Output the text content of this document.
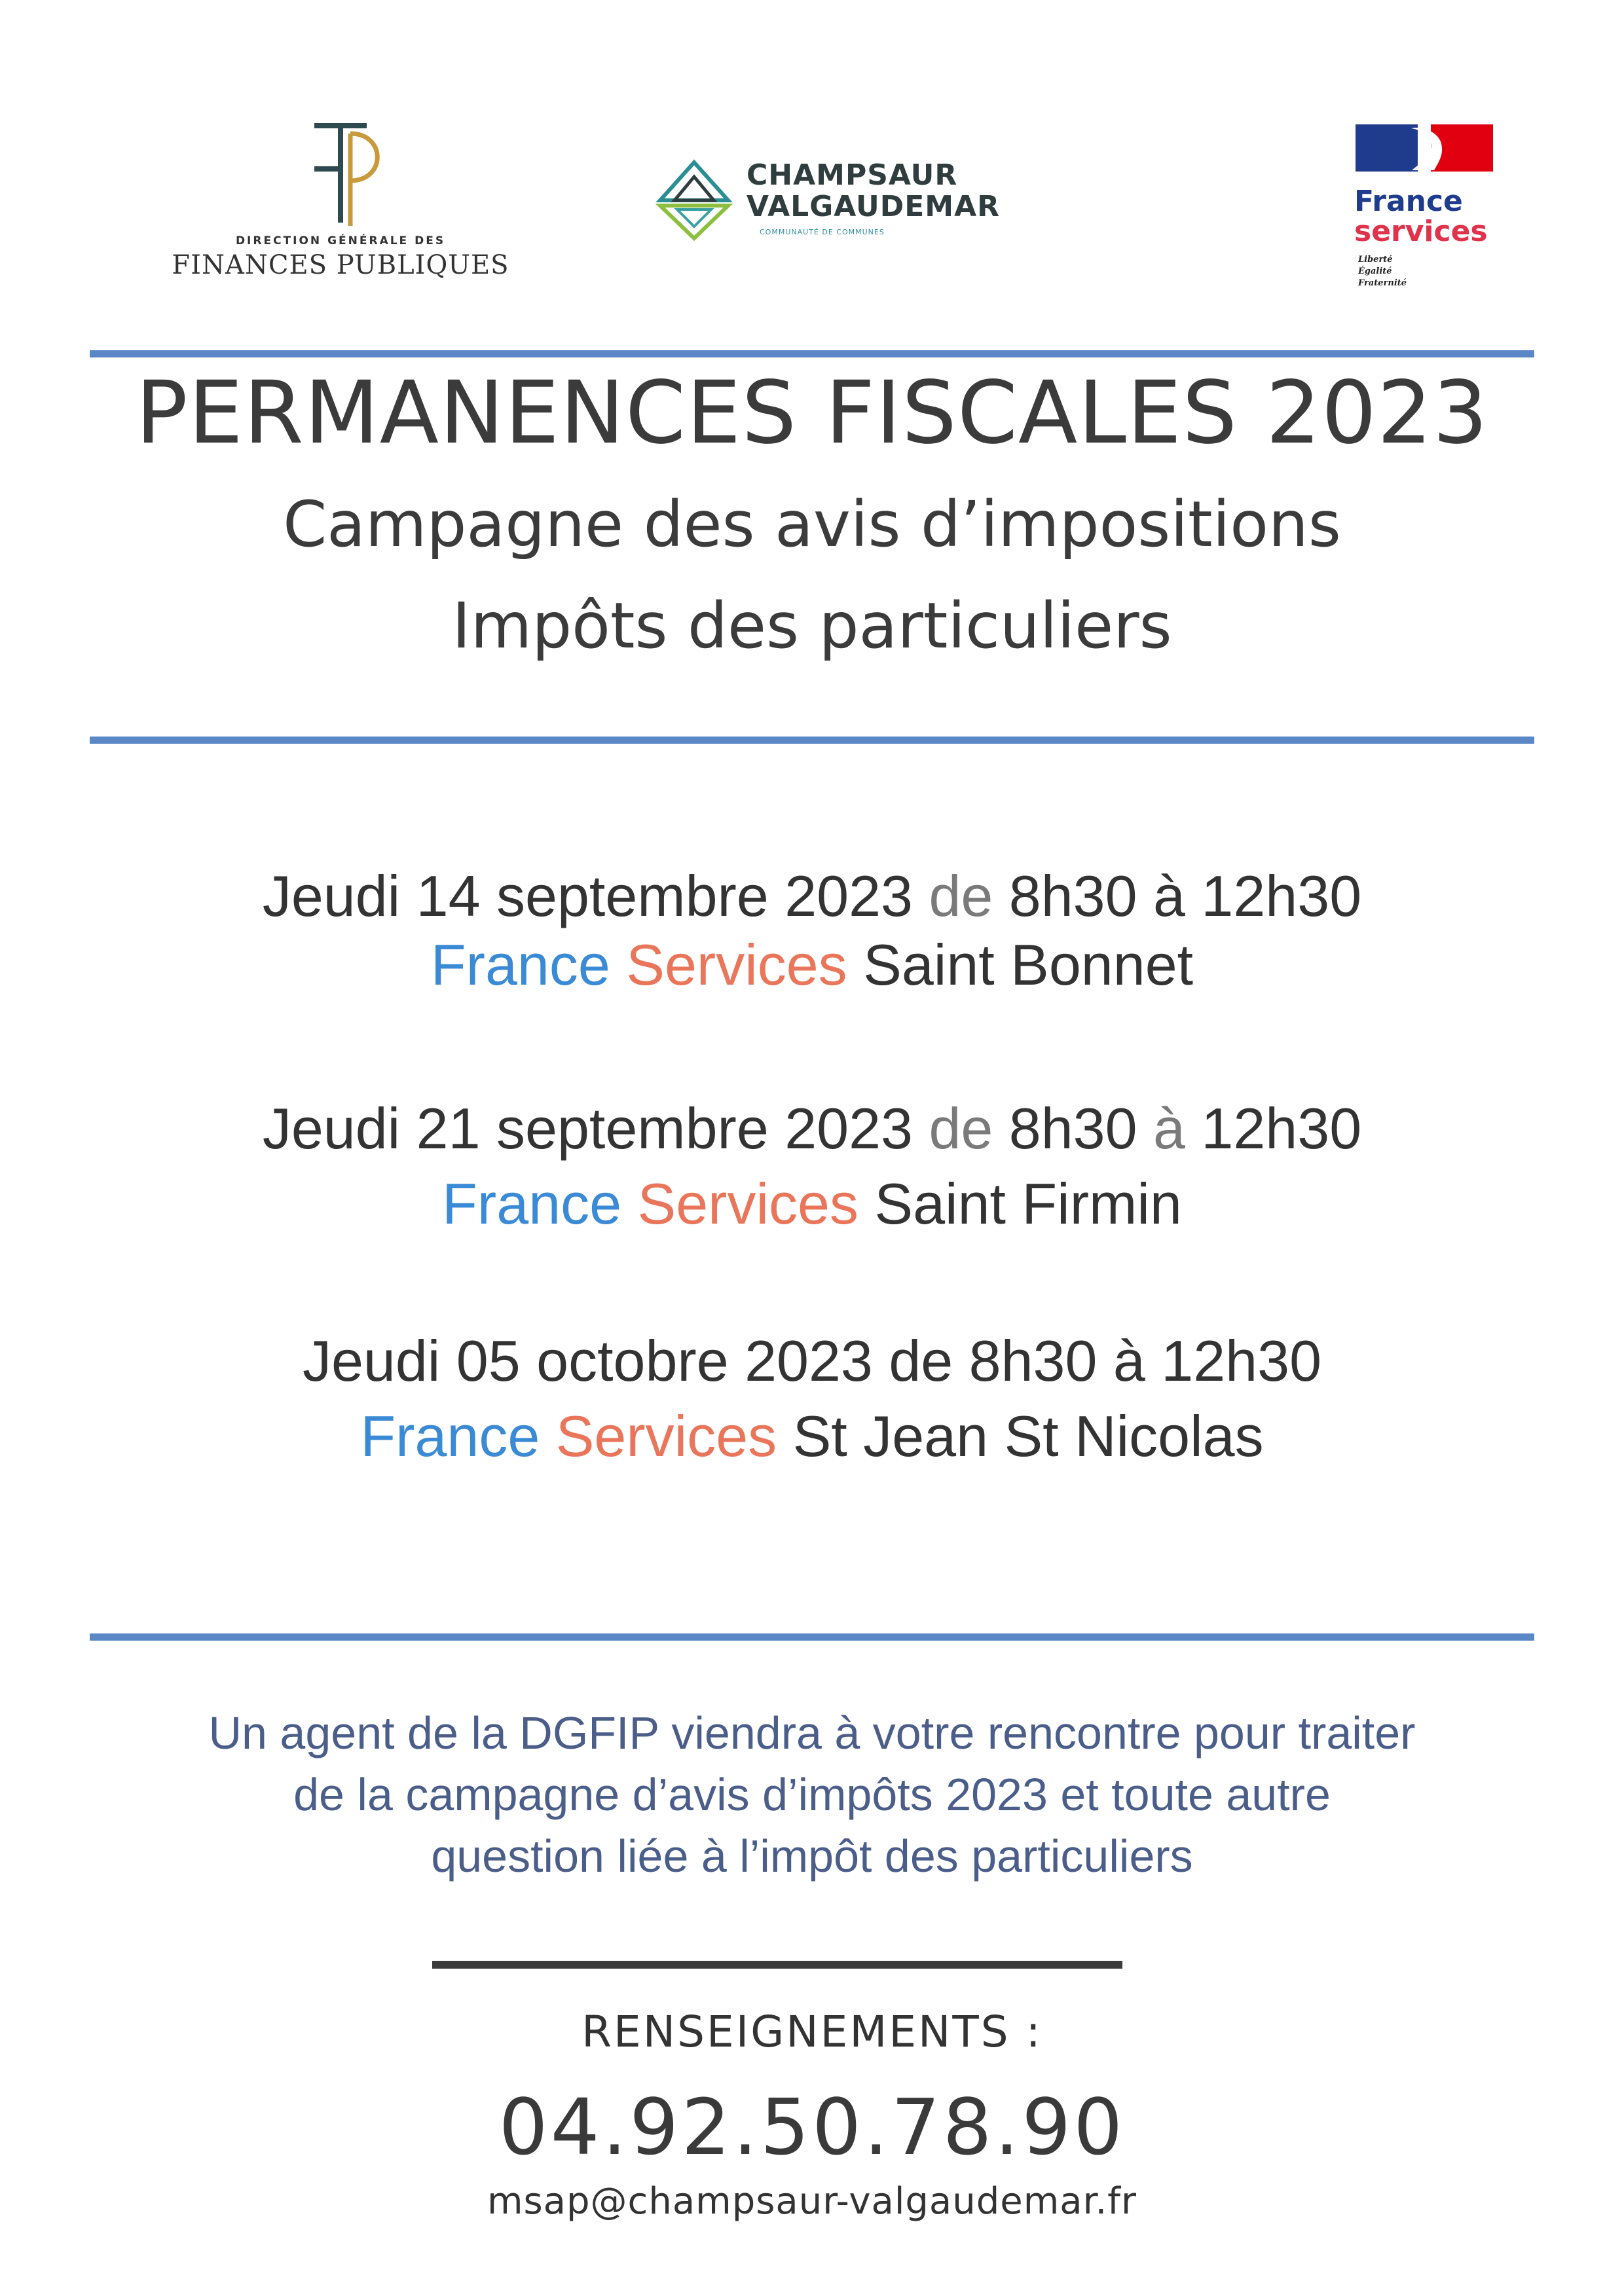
DIRECTION GÉNÉRALE DES
FINANCES PUBLIQUES
CHAMPSAUR
VALGAUDEMAR
COMMUNAUTÉ DE COMMUNES
France
services
Liberté
Égalité
Fraternité
PERMANENCES FISCALES 2023
Campagne des avis d’impositions
Impôts des particuliers
Jeudi 14 septembre 2023 de 8h30 à 12h30
France Services Saint Bonnet
Jeudi 21 septembre 2023 de 8h30 à 12h30
France Services Saint Firmin
Jeudi 05 octobre 2023 de 8h30 à 12h30
France Services St Jean St Nicolas
Un agent de la DGFIP viendra à votre rencontre pour traiter
de la campagne d’avis d’impôts 2023 et toute autre
question liée à l’impôt des particuliers
RENSEIGNEMENTS :
04.92.50.78.90
msap@champsaur-valgaudemar.fr
